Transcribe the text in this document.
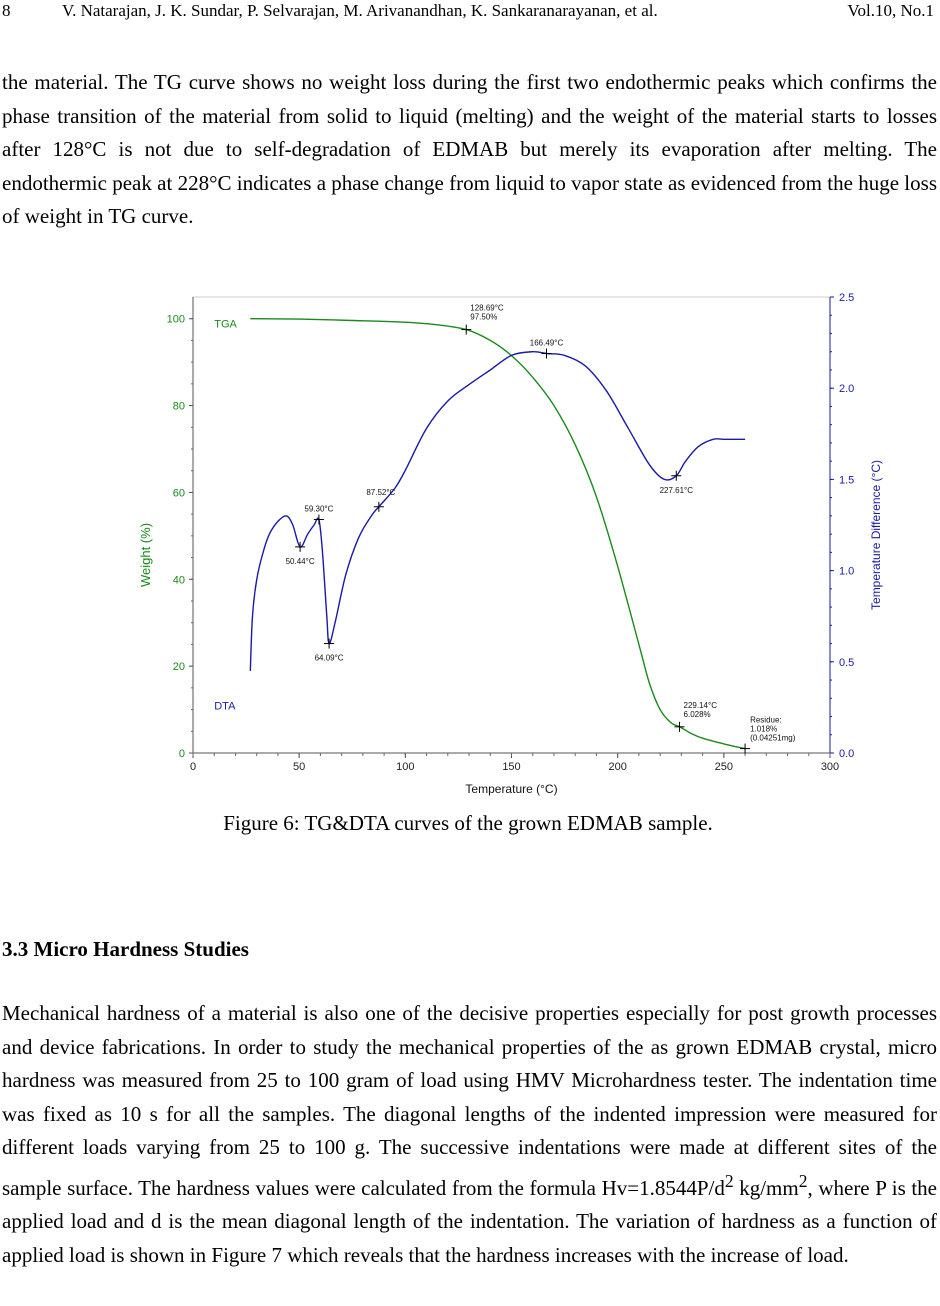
8	V. Natarajan, J. K. Sundar, P. Selvarajan, M. Arivanandhan, K. Sankaranarayanan, et al.	Vol.10, No.1

the material. The TG curve shows no weight loss during the first two endothermic peaks which confirms the phase transition of the material from solid to liquid (melting) and the weight of the material starts to losses after 128°C is not due to self-degradation of EDMAB but merely its evaporation after melting. The endothermic peak at 228°C indicates a phase change from liquid to vapor state as evidenced from the huge loss of weight in TG curve.

0	50	100	150	200	250	300
0
20
40
60
80
100
0.0
0.5
1.0
1.5
2.0
2.5
Temperature (°C)
Weight (%)	Temperature Difference (°C)
TGA
DTA
128.69°C
97.50%
229.14°C
6.028%
Residue:
1.018%
(0.04251mg)
50.44°C
59.30°C
64.09°C
87.52°C
166.49°C
227.61°C
Figure 6: TG&DTA curves of the grown EDMAB sample.
3.3 Micro Hardness Studies

Mechanical hardness of a material is also one of the decisive properties especially for post growth processes and device fabrications. In order to study the mechanical properties of the as grown EDMAB crystal, micro hardness was measured from 25 to 100 gram of load using HMV Microhardness tester. The indentation time was fixed as 10 s for all the samples. The diagonal lengths of the indented impression were measured for different loads varying from 25 to 100 g. The successive indentations were made at different sites of the sample surface. The hardness values were calculated from the formula $Hv=1.8544P/d^2$ $kg/mm^2$, where P is the applied load and d is the mean diagonal length of the indentation. The variation of hardness as a function of applied load is shown in Figure 7 which reveals that the hardness increases with the increase of load.
